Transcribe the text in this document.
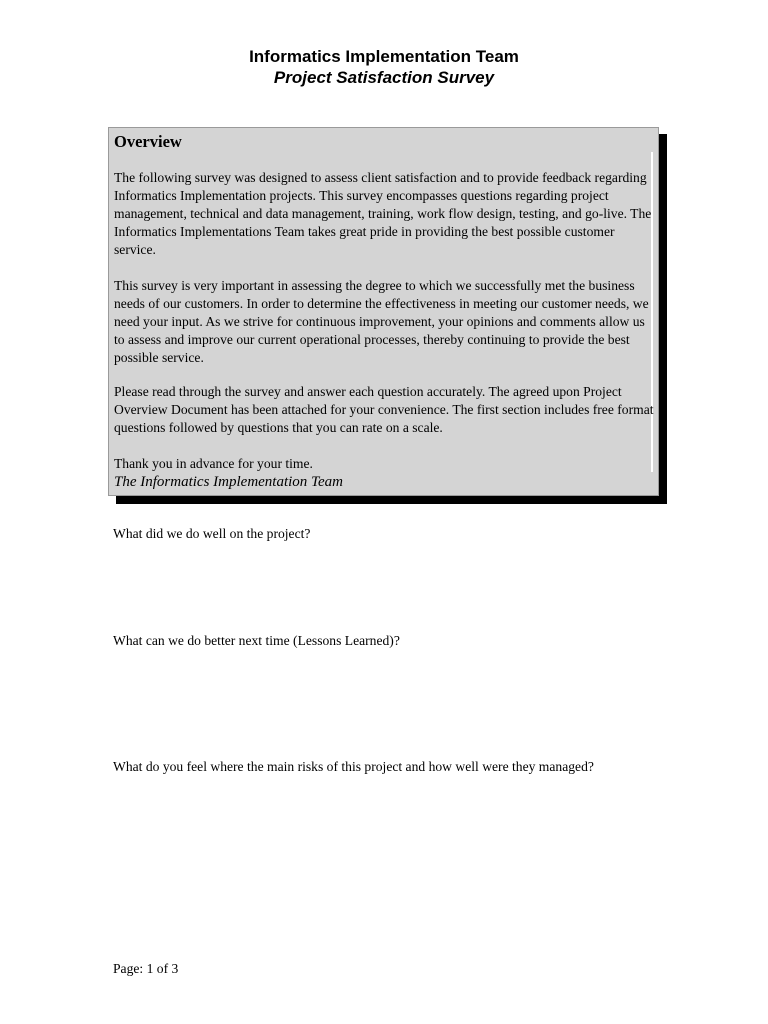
Informatics Implementation Team
Project Satisfaction Survey
Overview
The following survey was designed to assess client satisfaction and to provide feedback regarding Informatics Implementation projects. This survey encompasses questions regarding project management, technical and data management, training, work flow design, testing, and go-live. The Informatics Implementations Team takes great pride in providing the best possible customer service.
This survey is very important in assessing the degree to which we successfully met the business needs of our customers. In order to determine the effectiveness in meeting our customer needs, we need your input. As we strive for continuous improvement, your opinions and comments allow us to assess and improve our current operational processes, thereby continuing to provide the best possible service.
Please read through the survey and answer each question accurately. The agreed upon Project Overview Document has been attached for your convenience. The first section includes free format questions followed by questions that you can rate on a scale.
Thank you in advance for your time.
The Informatics Implementation Team
What did we do well on the project?
What can we do better next time (Lessons Learned)?
What do you feel where the main risks of this project and how well were they managed?
Page: 1 of 3
